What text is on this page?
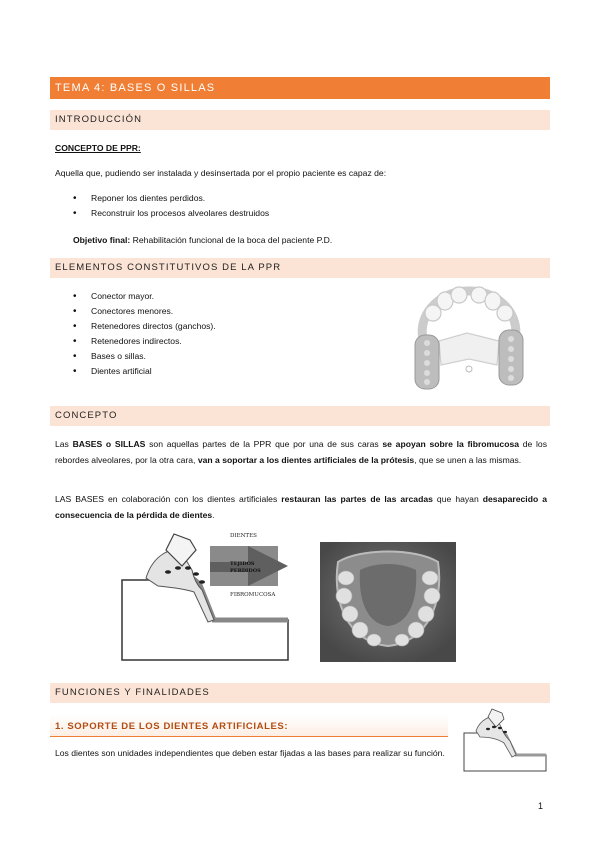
TEMA 4: BASES O SILLAS
INTRODUCCIÓN
CONCEPTO DE PPR:
Aquella que, pudiendo ser instalada y desinsertada por el propio paciente es capaz de:
• Reponer los dientes perdidos.
• Reconstruir los procesos alveolares destruidos
Objetivo final: Rehabilitación funcional de la boca del paciente P.D.
ELEMENTOS CONSTITUTIVOS DE LA PPR
• Conector mayor.
• Conectores menores.
• Retenedores directos (ganchos).
• Retenedores indirectos.
• Bases o sillas.
• Dientes artificial
CONCEPTO
Las BASES o SILLAS son aquellas partes de la PPR que por una de sus caras se apoyan sobre la fibromucosa de los rebordes alveolares, por la otra cara, van a soportar a los dientes artificiales de la prótesis, que se unen a las mismas.
LAS BASES en colaboración con los dientes artificiales restauran las partes de las arcadas que hayan desaparecido a consecuencia de la pérdida de dientes.
DIENTES
TEJIDOS
PERDIDOS
FIBROMUCOSA
FUNCIONES Y FINALIDADES
1. SOPORTE DE LOS DIENTES ARTIFICIALES:
Los dientes son unidades independientes que deben estar fijadas a las bases para realizar su función.
1
